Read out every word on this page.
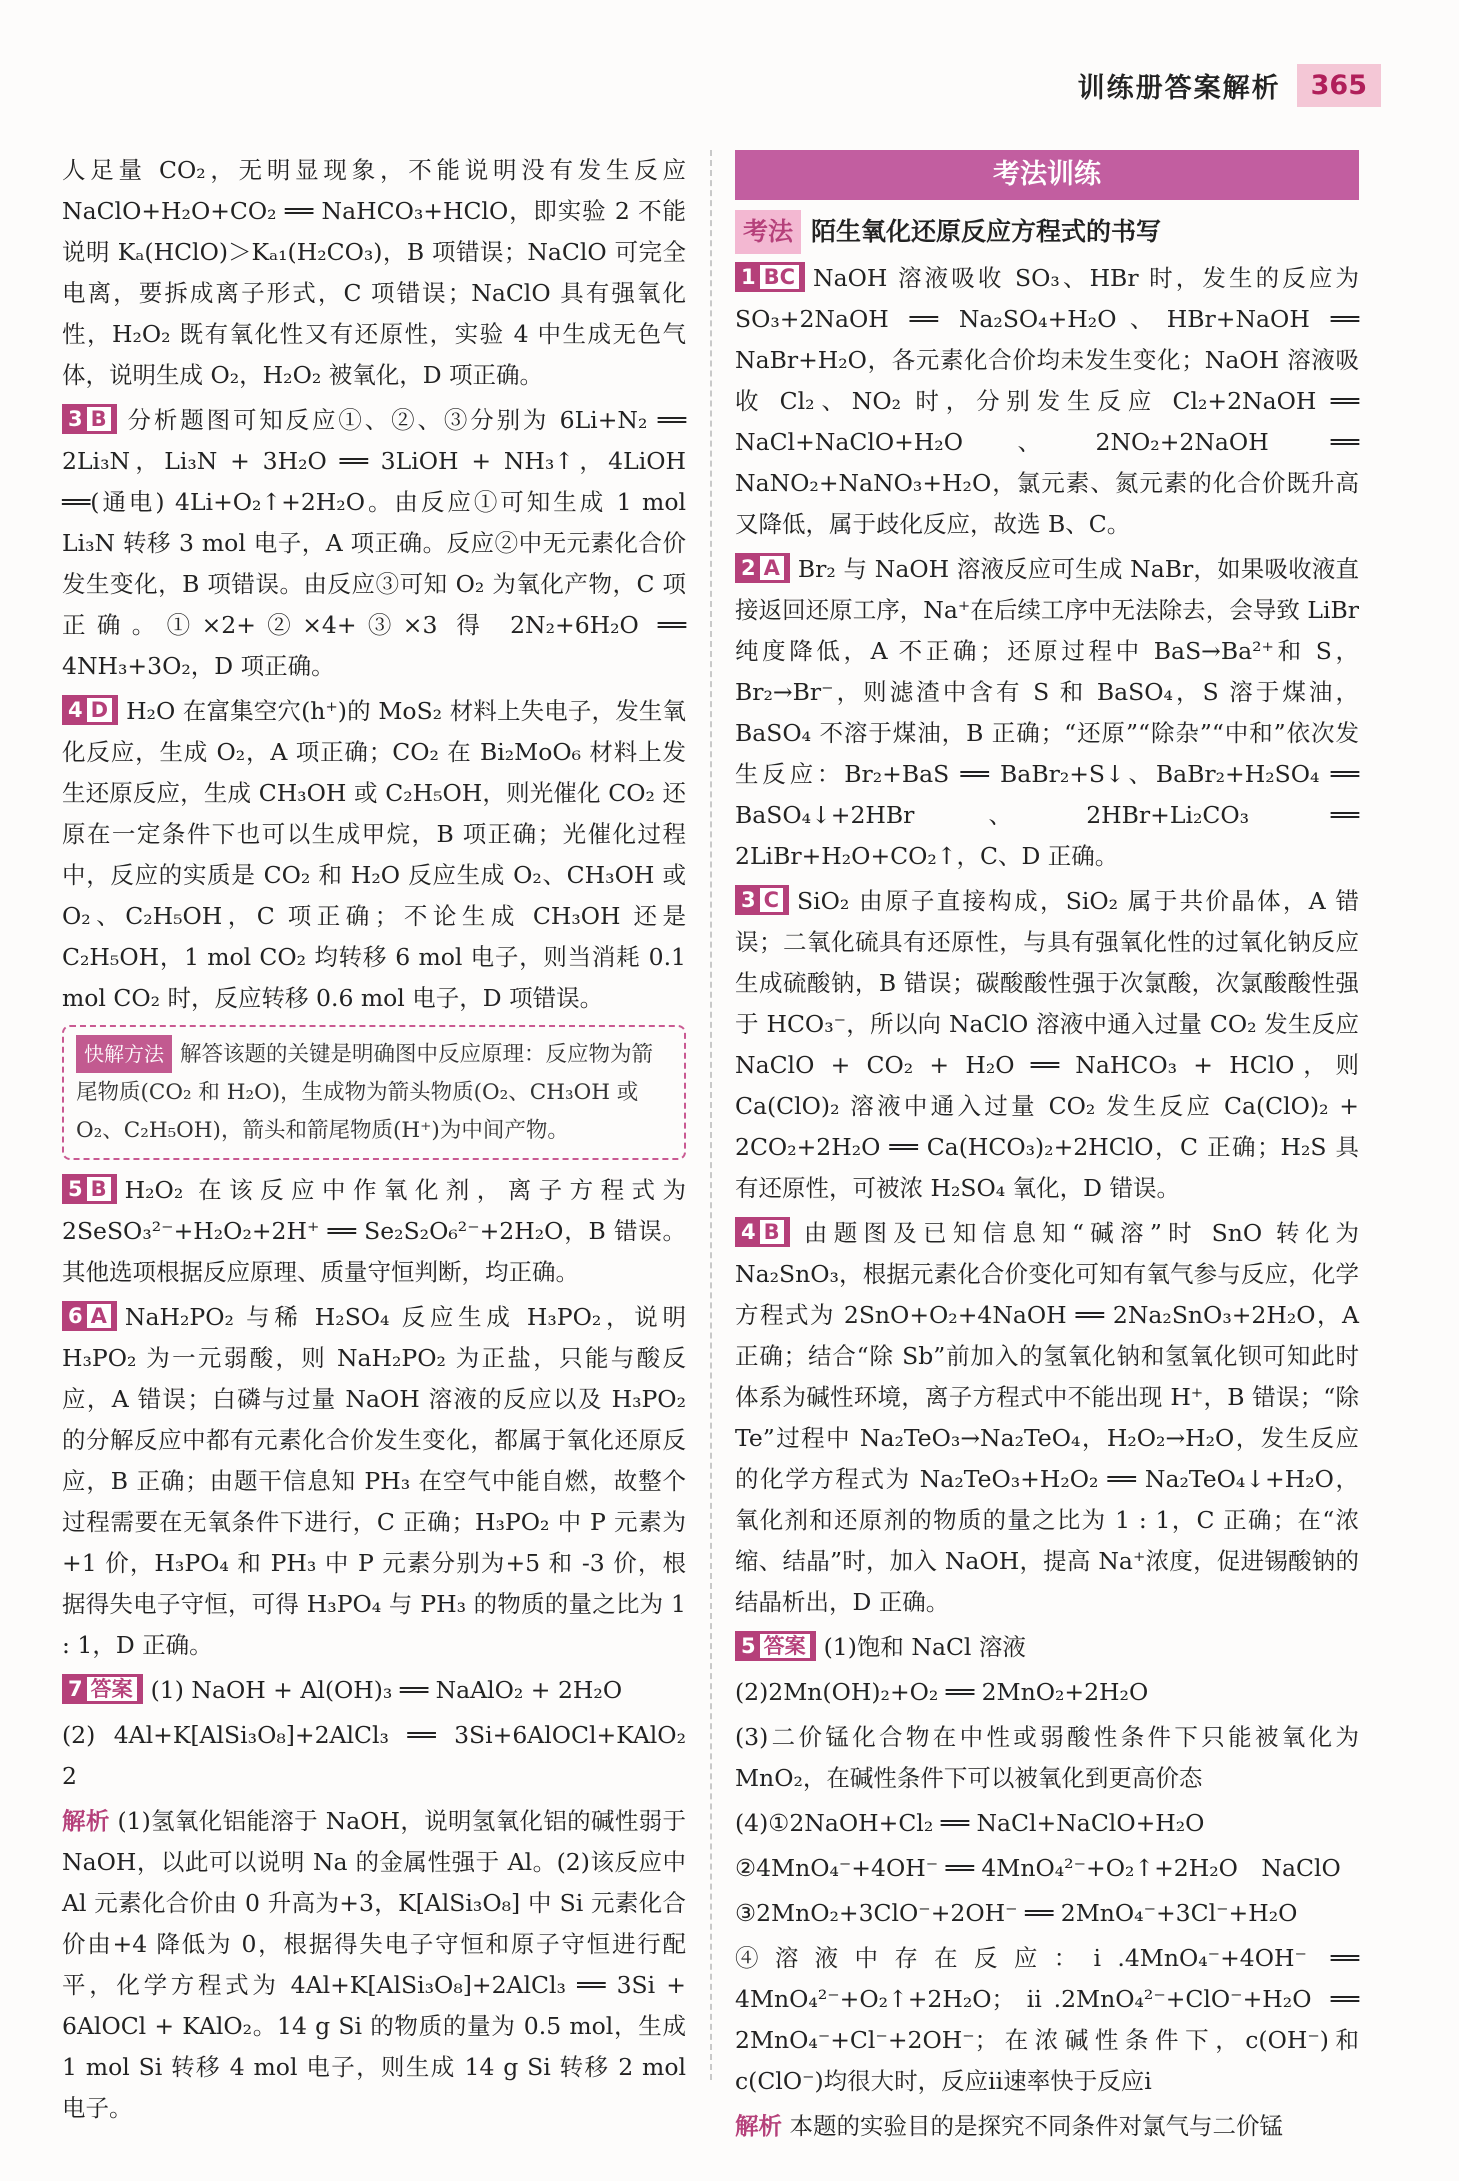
训练册答案解析	365

人足量 CO₂，无明显现象，不能说明没有发生反应 NaClO+H₂O+CO₂ ══ NaHCO₃+HClO，即实验 2 不能说明 Kₐ(HClO)＞Kₐ₁(H₂CO₃)，B 项错误；NaClO 可完全电离，要拆成离子形式，C 项错误；NaClO 具有强氧化性，H₂O₂ 既有氧化性又有还原性，实验 4 中生成无色气体，说明生成 O₂，H₂O₂ 被氧化，D 项正确。

3 B 分析题图可知反应①、②、③分别为 6Li+N₂ ══ 2Li₃N，Li₃N + 3H₂O ══ 3LiOH + NH₃↑，4LiOH ══(通电) 4Li+O₂↑+2H₂O。由反应①可知生成 1 mol Li₃N 转移 3 mol 电子，A 项正确。反应②中无元素化合价发生变化，B 项错误。由反应③可知 O₂ 为氧化产物，C 项正确。①×2+②×4+③×3 得 2N₂+6H₂O ══ 4NH₃+3O₂，D 项正确。

4 D H₂O 在富集空穴(h⁺)的 MoS₂ 材料上失电子，发生氧化反应，生成 O₂，A 项正确；CO₂ 在 Bi₂MoO₆ 材料上发生还原反应，生成 CH₃OH 或 C₂H₅OH，则光催化 CO₂ 还原在一定条件下也可以生成甲烷，B 项正确；光催化过程中，反应的实质是 CO₂ 和 H₂O 反应生成 O₂、CH₃OH 或 O₂、C₂H₅OH，C 项正确；不论生成 CH₃OH 还是 C₂H₅OH，1 mol CO₂ 均转移 6 mol 电子，则当消耗 0.1 mol CO₂ 时，反应转移 0.6 mol 电子，D 项错误。

快解方法 解答该题的关键是明确图中反应原理：反应物为箭尾物质(CO₂ 和 H₂O)，生成物为箭头物质(O₂、CH₃OH 或 O₂、C₂H₅OH)，箭头和箭尾物质(H⁺)为中间产物。

5 B H₂O₂ 在该反应中作氧化剂，离子方程式为 2SeSO₃²⁻+H₂O₂+2H⁺ ══ Se₂S₂O₆²⁻+2H₂O，B 错误。其他选项根据反应原理、质量守恒判断，均正确。

6 A NaH₂PO₂ 与稀 H₂SO₄ 反应生成 H₃PO₂，说明 H₃PO₂ 为一元弱酸，则 NaH₂PO₂ 为正盐，只能与酸反应，A 错误；白磷与过量 NaOH 溶液的反应以及 H₃PO₂ 的分解反应中都有元素化合价发生变化，都属于氧化还原反应，B 正确；由题干信息知 PH₃ 在空气中能自燃，故整个过程需要在无氧条件下进行，C 正确；H₃PO₂ 中 P 元素为+1 价，H₃PO₄ 和 PH₃ 中 P 元素分别为+5 和 -3 价，根据得失电子守恒，可得 H₃PO₄ 与 PH₃ 的物质的量之比为 1 : 1，D 正确。

7 答案 (1) NaOH + Al(OH)₃ ══ NaAlO₂ + 2H₂O

(2) 4Al+K[AlSi₃O₈]+2AlCl₃ ══ 3Si+6AlOCl+KAlO₂　2

解析 (1)氢氧化铝能溶于 NaOH，说明氢氧化铝的碱性弱于 NaOH，以此可以说明 Na 的金属性强于 Al。(2)该反应中 Al 元素化合价由 0 升高为+3，K[AlSi₃O₈] 中 Si 元素化合价由+4 降低为 0，根据得失电子守恒和原子守恒进行配平，化学方程式为 4Al+K[AlSi₃O₈]+2AlCl₃ ══ 3Si + 6AlOCl + KAlO₂。14 g Si 的物质的量为 0.5 mol，生成 1 mol Si 转移 4 mol 电子，则生成 14 g Si 转移 2 mol 电子。

考法训练
考法 陌生氧化还原反应方程式的书写

1 BC NaOH 溶液吸收 SO₃、HBr 时，发生的反应为 SO₃+2NaOH ══ Na₂SO₄+H₂O、HBr+NaOH ══ NaBr+H₂O，各元素化合价均未发生变化；NaOH 溶液吸收 Cl₂、NO₂ 时，分别发生反应 Cl₂+2NaOH ══ NaCl+NaClO+H₂O、2NO₂+2NaOH ══ NaNO₂+NaNO₃+H₂O，氯元素、氮元素的化合价既升高又降低，属于歧化反应，故选 B、C。

2 A Br₂ 与 NaOH 溶液反应可生成 NaBr，如果吸收液直接返回还原工序，Na⁺在后续工序中无法除去，会导致 LiBr 纯度降低，A 不正确；还原过程中 BaS→Ba²⁺和 S，Br₂→Br⁻，则滤渣中含有 S 和 BaSO₄，S 溶于煤油，BaSO₄ 不溶于煤油，B 正确；“还原”“除杂”“中和”依次发生反应：Br₂+BaS ══ BaBr₂+S↓、BaBr₂+H₂SO₄ ══ BaSO₄↓+2HBr、2HBr+Li₂CO₃ ══ 2LiBr+H₂O+CO₂↑，C、D 正确。

3 C SiO₂ 由原子直接构成，SiO₂ 属于共价晶体，A 错误；二氧化硫具有还原性，与具有强氧化性的过氧化钠反应生成硫酸钠，B 错误；碳酸酸性强于次氯酸，次氯酸酸性强于 HCO₃⁻，所以向 NaClO 溶液中通入过量 CO₂ 发生反应 NaClO + CO₂ + H₂O ══ NaHCO₃ + HClO，则 Ca(ClO)₂ 溶液中通入过量 CO₂ 发生反应 Ca(ClO)₂ + 2CO₂+2H₂O ══ Ca(HCO₃)₂+2HClO，C 正确；H₂S 具有还原性，可被浓 H₂SO₄ 氧化，D 错误。

4 B 由题图及已知信息知“碱溶”时 SnO 转化为 Na₂SnO₃，根据元素化合价变化可知有氧气参与反应，化学方程式为 2SnO+O₂+4NaOH ══ 2Na₂SnO₃+2H₂O，A 正确；结合“除 Sb”前加入的氢氧化钠和氢氧化钡可知此时体系为碱性环境，离子方程式中不能出现 H⁺，B 错误；“除 Te”过程中 Na₂TeO₃→Na₂TeO₄，H₂O₂→H₂O，发生反应的化学方程式为 Na₂TeO₃+H₂O₂ ══ Na₂TeO₄↓+H₂O，氧化剂和还原剂的物质的量之比为 1 : 1，C 正确；在“浓缩、结晶”时，加入 NaOH，提高 Na⁺浓度，促进锡酸钠的结晶析出，D 正确。

5 答案 (1)饱和 NaCl 溶液

(2)2Mn(OH)₂+O₂ ══ 2MnO₂+2H₂O

(3)二价锰化合物在中性或弱酸性条件下只能被氧化为 MnO₂，在碱性条件下可以被氧化到更高价态

(4)①2NaOH+Cl₂ ══ NaCl+NaClO+H₂O

②4MnO₄⁻+4OH⁻ ══ 4MnO₄²⁻+O₂↑+2H₂O　NaClO

③2MnO₂+3ClO⁻+2OH⁻ ══ 2MnO₄⁻+3Cl⁻+H₂O

④溶液中存在反应：ⅰ.4MnO₄⁻+4OH⁻ ══ 4MnO₄²⁻+O₂↑+2H₂O；ⅱ.2MnO₄²⁻+ClO⁻+H₂O ══ 2MnO₄⁻+Cl⁻+2OH⁻；在浓碱性条件下，c(OH⁻)和 c(ClO⁻)均很大时，反应ⅱ速率快于反应ⅰ

解析 本题的实验目的是探究不同条件对氯气与二价锰
